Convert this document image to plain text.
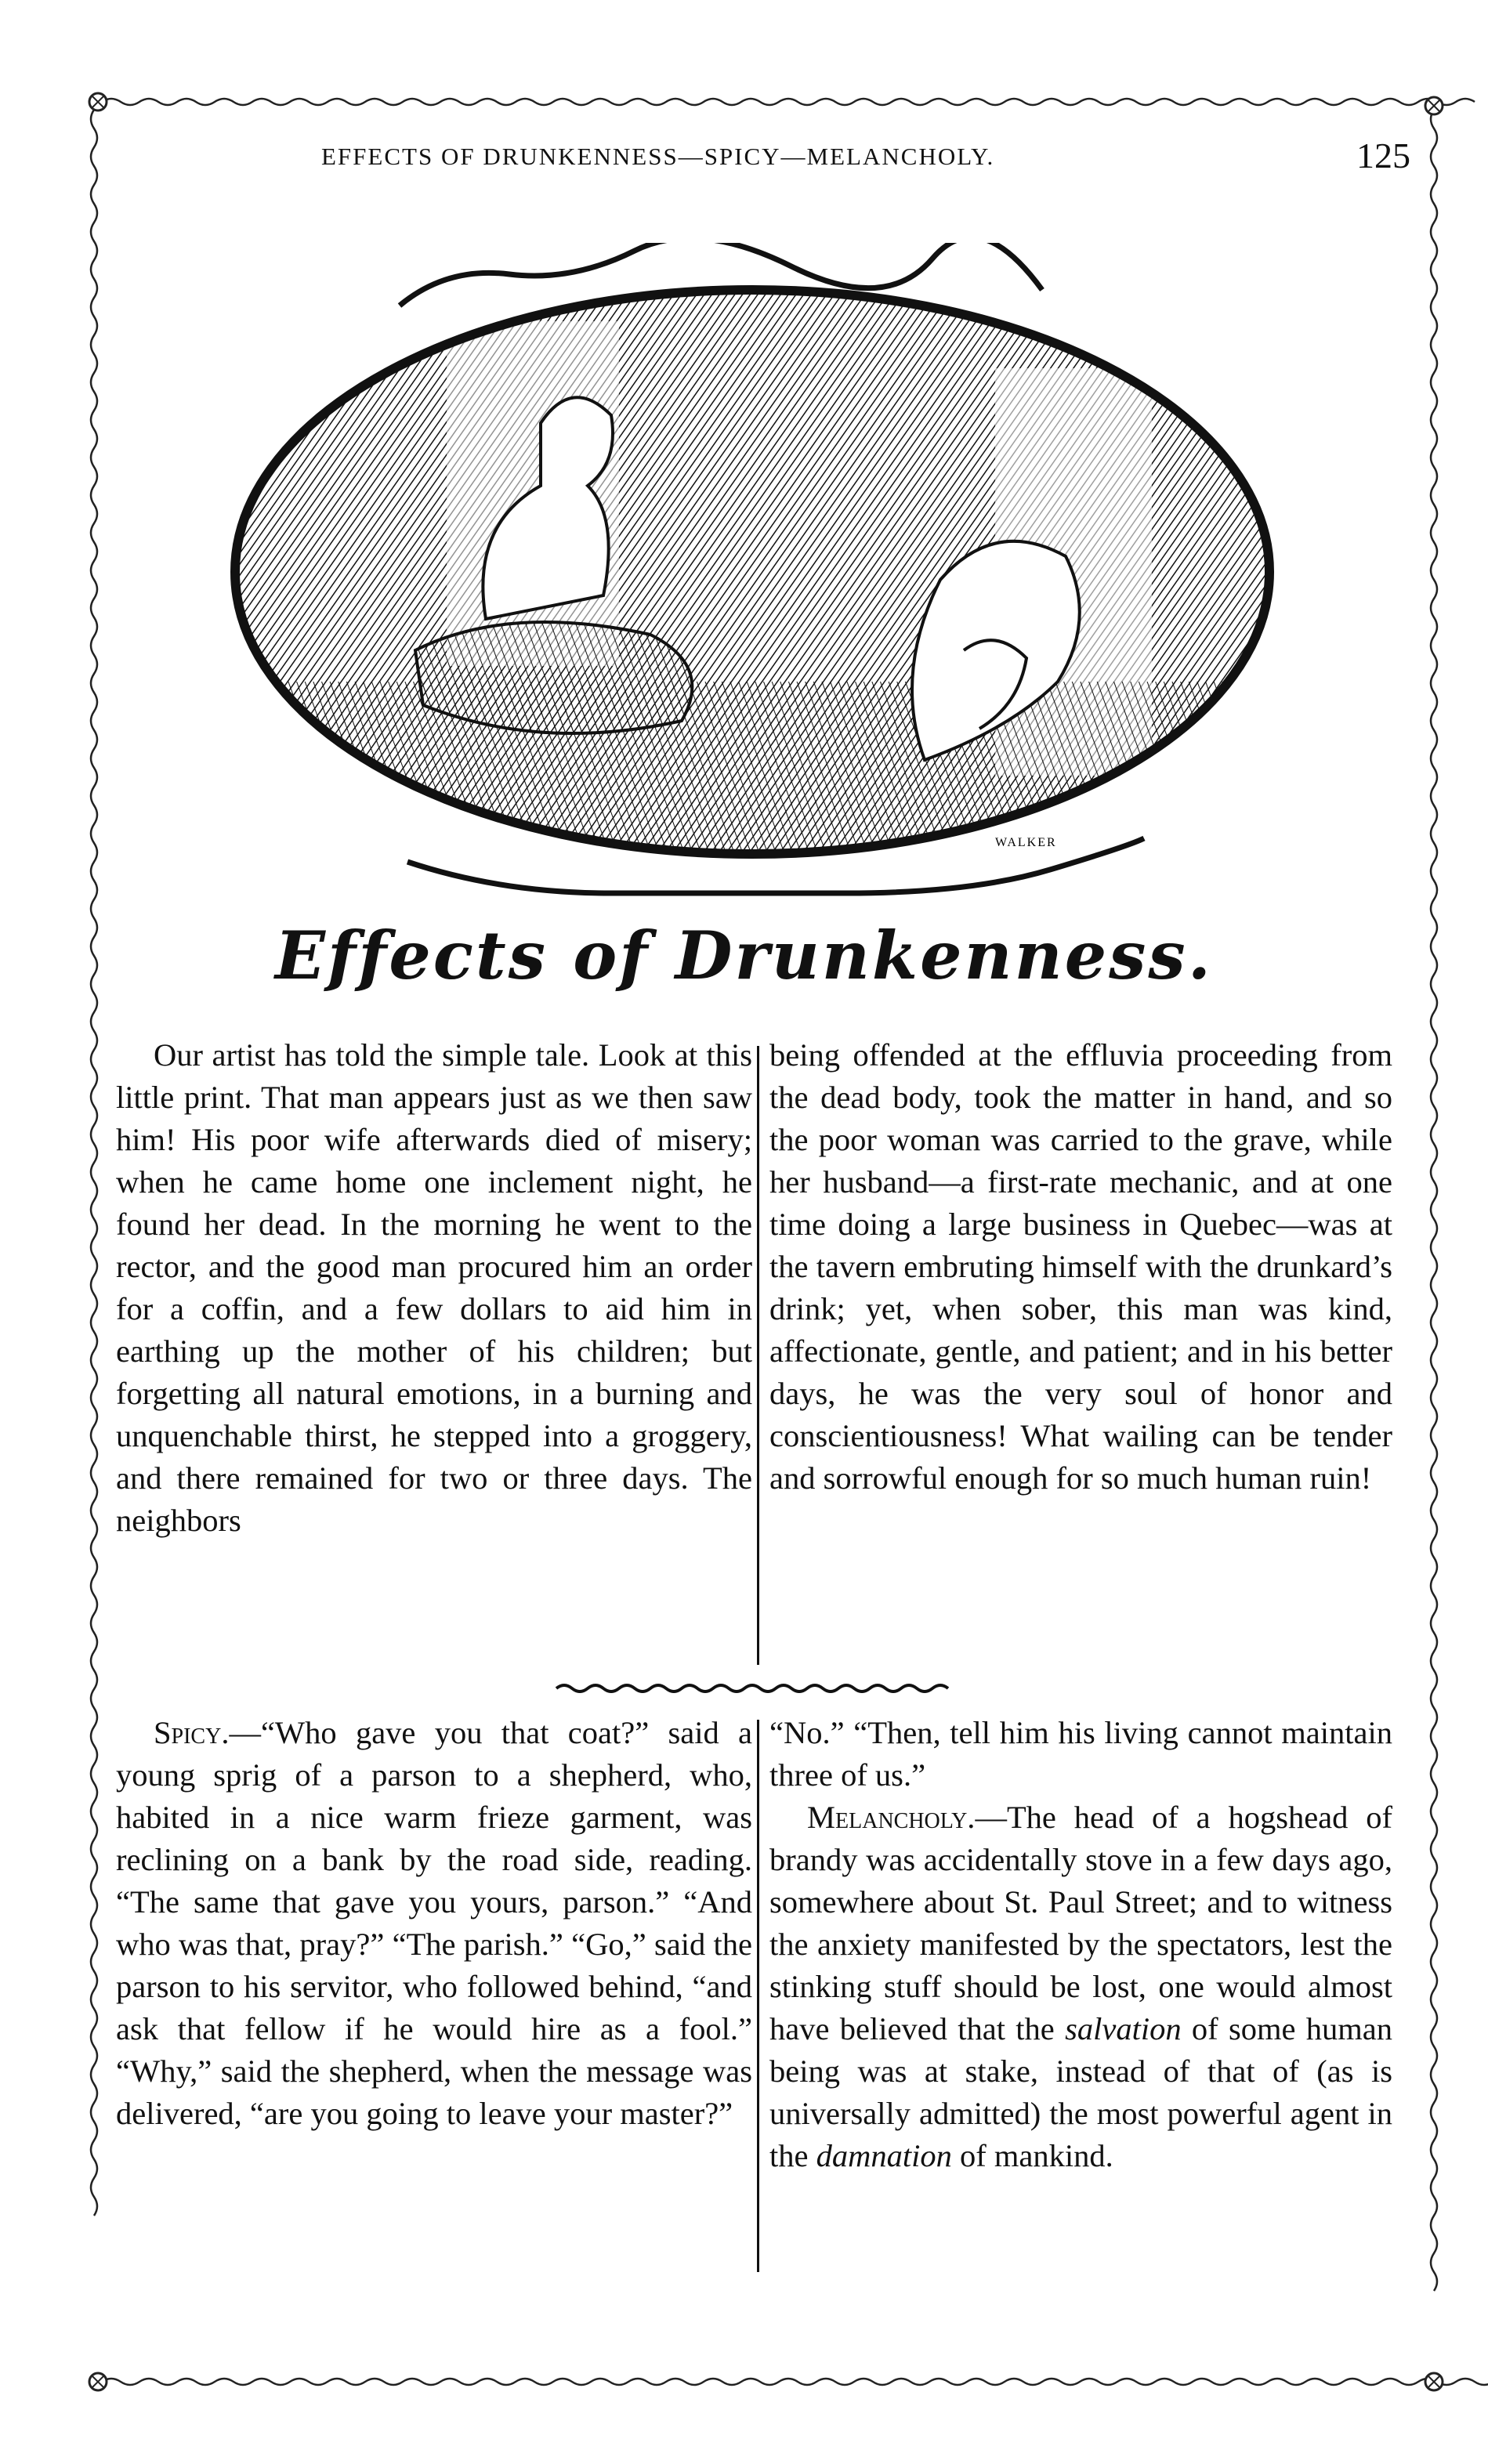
EFFECTS OF DRUNKENNESS—SPICY—MELANCHOLY.	125
WALKER
Effects of Drunkenness.

Our artist has told the simple tale. Look at this little print. That man appears just as we then saw him! His poor wife afterwards died of misery; when he came home one inclement night, he found her dead. In the morning he went to the rector, and the good man procured him an order for a coffin, and a few dollars to aid him in earthing up the mother of his children; but forgetting all natural emotions, in a burning and unquenchable thirst, he stepped into a groggery, and there remained for two or three days. The neighbors

being offended at the effluvia proceeding from the dead body, took the matter in hand, and so the poor woman was carried to the grave, while her husband—a first-rate mechanic, and at one time doing a large business in Quebec—was at the tavern embruting himself with the drunkard’s drink; yet, when sober, this man was kind, affectionate, gentle, and patient; and in his better days, he was the very soul of honor and conscientiousness! What wailing can be tender and sorrowful enough for so much human ruin!

Spicy.—“Who gave you that coat?” said a young sprig of a parson to a shepherd, who, habited in a nice warm frieze garment, was reclining on a bank by the road side, reading. “The same that gave you yours, parson.” “And who was that, pray?” “The parish.” “Go,” said the parson to his servitor, who followed behind, “and ask that fellow if he would hire as a fool.” “Why,” said the shepherd, when the message was delivered, “are you going to leave your master?”

“No.” “Then, tell him his living cannot maintain three of us.”

Melancholy.—The head of a hogshead of brandy was accidentally stove in a few days ago, somewhere about St. Paul Street; and to witness the anxiety manifested by the spectators, lest the stinking stuff should be lost, one would almost have believed that the salvation of some human being was at stake, instead of that of (as is universally admitted) the most powerful agent in the damnation of mankind.
